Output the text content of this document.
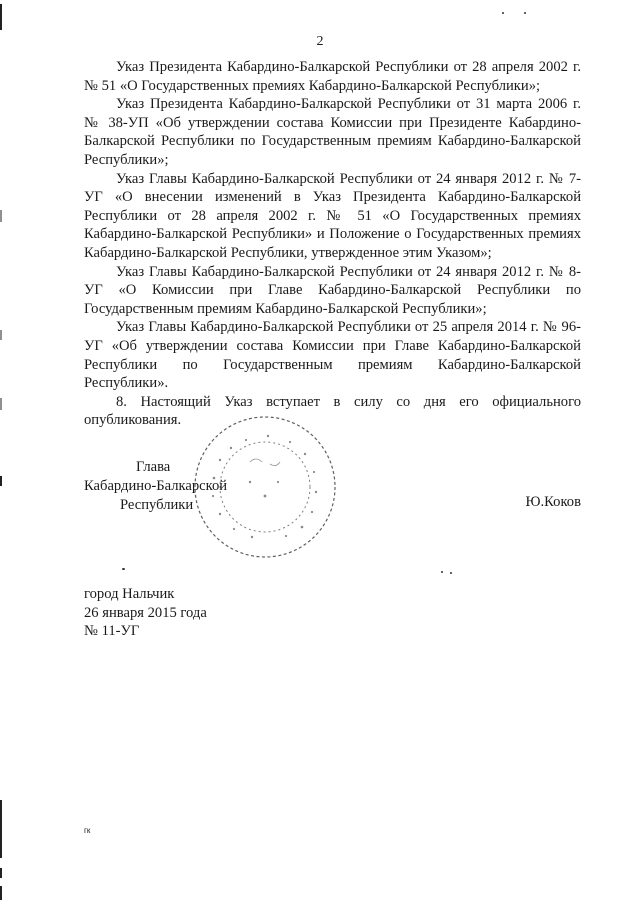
2

Указ Президента Кабардино-Балкарской Республики от 28 апреля 2002 г. № 51 «О Государственных премиях Кабардино-Балкарской Республики»;

Указ Президента Кабардино-Балкарской Республики от 31 марта 2006 г. № 38-УП «Об утверждении состава Комиссии при Президенте Кабардино-Балкарской Республики по Государственным премиям Кабардино-Балкарской Республики»;

Указ Главы Кабардино-Балкарской Республики от 24 января 2012 г. № 7-УГ «О внесении изменений в Указ Президента Кабардино-Балкарской Республики от 28 апреля 2002 г. № 51 «О Государственных премиях Кабардино-Балкарской Республики» и Положение о Государственных премиях Кабардино-Балкарской Республики, утвержденное этим Указом»;

Указ Главы Кабардино-Балкарской Республики от 24 января 2012 г. № 8-УГ «О Комиссии при Главе Кабардино-Балкарской Республики по Государственным премиям Кабардино-Балкарской Республики»;

Указ Главы Кабардино-Балкарской Республики от 25 апреля 2014 г. № 96-УГ «Об утверждении состава Комиссии при Главе Кабардино-Балкарской Республики по Государственным премиям Кабардино-Балкарской Республики».

8. Настоящий Указ вступает в силу со дня его официального опубликования.

Глава
Кабардино-Балкарской
Республики	Ю.Коков
город Нальчик
26 января 2015 года
№ 11-УГ
гк
